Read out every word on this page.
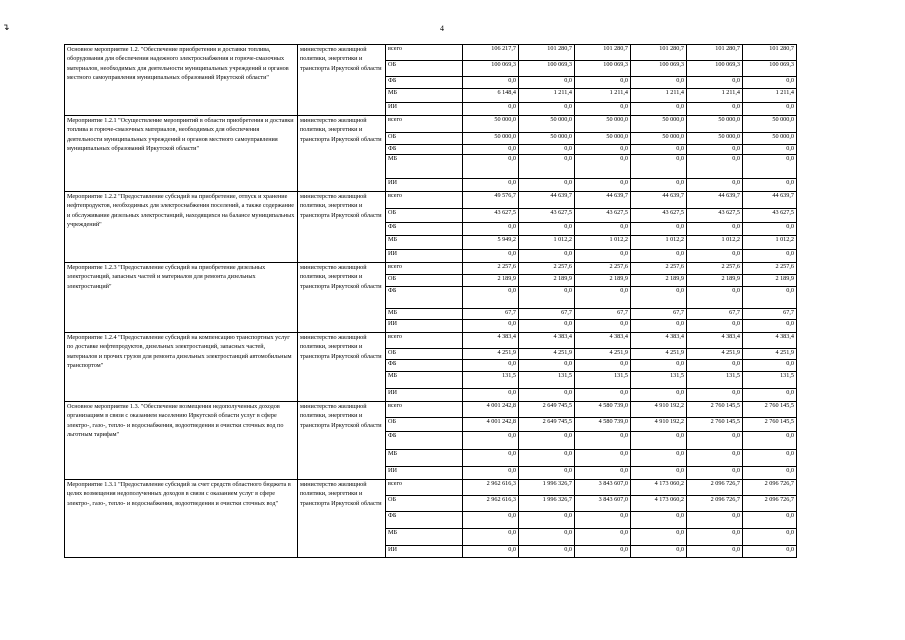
↴	4
Основное мероприятие 1.2. "Обеспечение приобретения и доставки топлива, оборудования для обеспечения надежного электроснабжения и горюче-смазочных материалов, необходимых для деятельности муниципальных учреждений и органов местного самоуправления муниципальных образований Иркутской области"	министерство жилищной политики, энергетики и транспорта Иркутской области	всего	106 217,7	101 280,7	101 280,7	101 280,7	101 280,7	101 280,7
		ОБ	100 069,3	100 069,3	100 069,3	100 069,3	100 069,3	100 069,3
		ФБ	0,0	0,0	0,0	0,0	0,0	0,0
		МБ	6 148,4	1 211,4	1 211,4	1 211,4	1 211,4	1 211,4
		ИИ	0,0	0,0	0,0	0,0	0,0	0,0
Мероприятие 1.2.1 "Осуществление мероприятий в области приобретения и доставки топлива и горюче-смазочных материалов, необходимых для обеспечения деятельности муниципальных учреждений и органов местного самоуправления муниципальных образований Иркутской области"	министерство жилищной политики, энергетики и транспорта Иркутской области	всего	50 000,0	50 000,0	50 000,0	50 000,0	50 000,0	50 000,0
		ОБ	50 000,0	50 000,0	50 000,0	50 000,0	50 000,0	50 000,0
		ФБ	0,0	0,0	0,0	0,0	0,0	0,0
		МБ	0,0	0,0	0,0	0,0	0,0	0,0
		ИИ	0,0	0,0	0,0	0,0	0,0	0,0
Мероприятие 1.2.2 "Предоставление субсидий на приобретение, отпуск и хранение нефтепродуктов, необходимых для электроснабжения поселений, а также содержание и обслуживание дизельных электростанций, находящихся на балансе муниципальных учреждений"	министерство жилищной политики, энергетики и транспорта Иркутской области	всего	49 576,7	44 639,7	44 639,7	44 639,7	44 639,7	44 639,7
		ОБ	43 627,5	43 627,5	43 627,5	43 627,5	43 627,5	43 627,5
		ФБ	0,0	0,0	0,0	0,0	0,0	0,0
		МБ	5 949,2	1 012,2	1 012,2	1 012,2	1 012,2	1 012,2
		ИИ	0,0	0,0	0,0	0,0	0,0	0,0
Мероприятие 1.2.3 "Предоставление субсидий на приобретение дизельных электростанций, запасных частей и материалов для ремонта дизельных электростанций"	министерство жилищной политики, энергетики и транспорта Иркутской области	всего	2 257,6	2 257,6	2 257,6	2 257,6	2 257,6	2 257,6
		ОБ	2 189,9	2 189,9	2 189,9	2 189,9	2 189,9	2 189,9
		ФБ	0,0	0,0	0,0	0,0	0,0	0,0
		МБ	67,7	67,7	67,7	67,7	67,7	67,7
		ИИ	0,0	0,0	0,0	0,0	0,0	0,0
Мероприятие 1.2.4 "Предоставление субсидий на компенсацию транспортных услуг по доставке нефтепродуктов, дизельных электростанций, запасных частей, материалов и прочих грузов для ремонта дизельных электростанций автомобильным транспортом"	министерство жилищной политики, энергетики и транспорта Иркутской области	всего	4 383,4	4 383,4	4 383,4	4 383,4	4 383,4	4 383,4
		ОБ	4 251,9	4 251,9	4 251,9	4 251,9	4 251,9	4 251,9
		ФБ	0,0	0,0	0,0	0,0	0,0	0,0
		МБ	131,5	131,5	131,5	131,5	131,5	131,5
		ИИ	0,0	0,0	0,0	0,0	0,0	0,0
Основное мероприятие 1.3. "Обеспечение возмещения недополученных доходов организациям в связи с оказанием населению Иркутской области услуг в сфере электро-, газо-, тепло- и водоснабжения, водоотведения и очистки сточных вод по льготным тарифам"	министерство жилищной политики, энергетики и транспорта Иркутской области	всего	4 001 242,8	2 649 745,5	4 580 739,0	4 910 192,2	2 760 145,5	2 760 145,5
		ОБ	4 001 242,8	2 649 745,5	4 580 739,0	4 910 192,2	2 760 145,5	2 760 145,5
		ФБ	0,0	0,0	0,0	0,0	0,0	0,0
		МБ	0,0	0,0	0,0	0,0	0,0	0,0
		ИИ	0,0	0,0	0,0	0,0	0,0	0,0
Мероприятие 1.3.1 "Предоставление субсидий за счет средств областного бюджета в целях возмещения недополученных доходов в связи с оказанием услуг в сфере электро-, газо-, тепло- и водоснабжения, водоотведения и очистки сточных вод"	министерство жилищной политики, энергетики и транспорта Иркутской области	всего	2 962 616,3	1 996 326,7	3 843 607,0	4 173 060,2	2 096 726,7	2 096 726,7
		ОБ	2 962 616,3	1 996 326,7	3 843 607,0	4 173 060,2	2 096 726,7	2 096 726,7
		ФБ	0,0	0,0	0,0	0,0	0,0	0,0
		МБ	0,0	0,0	0,0	0,0	0,0	0,0
		ИИ	0,0	0,0	0,0	0,0	0,0	0,0
